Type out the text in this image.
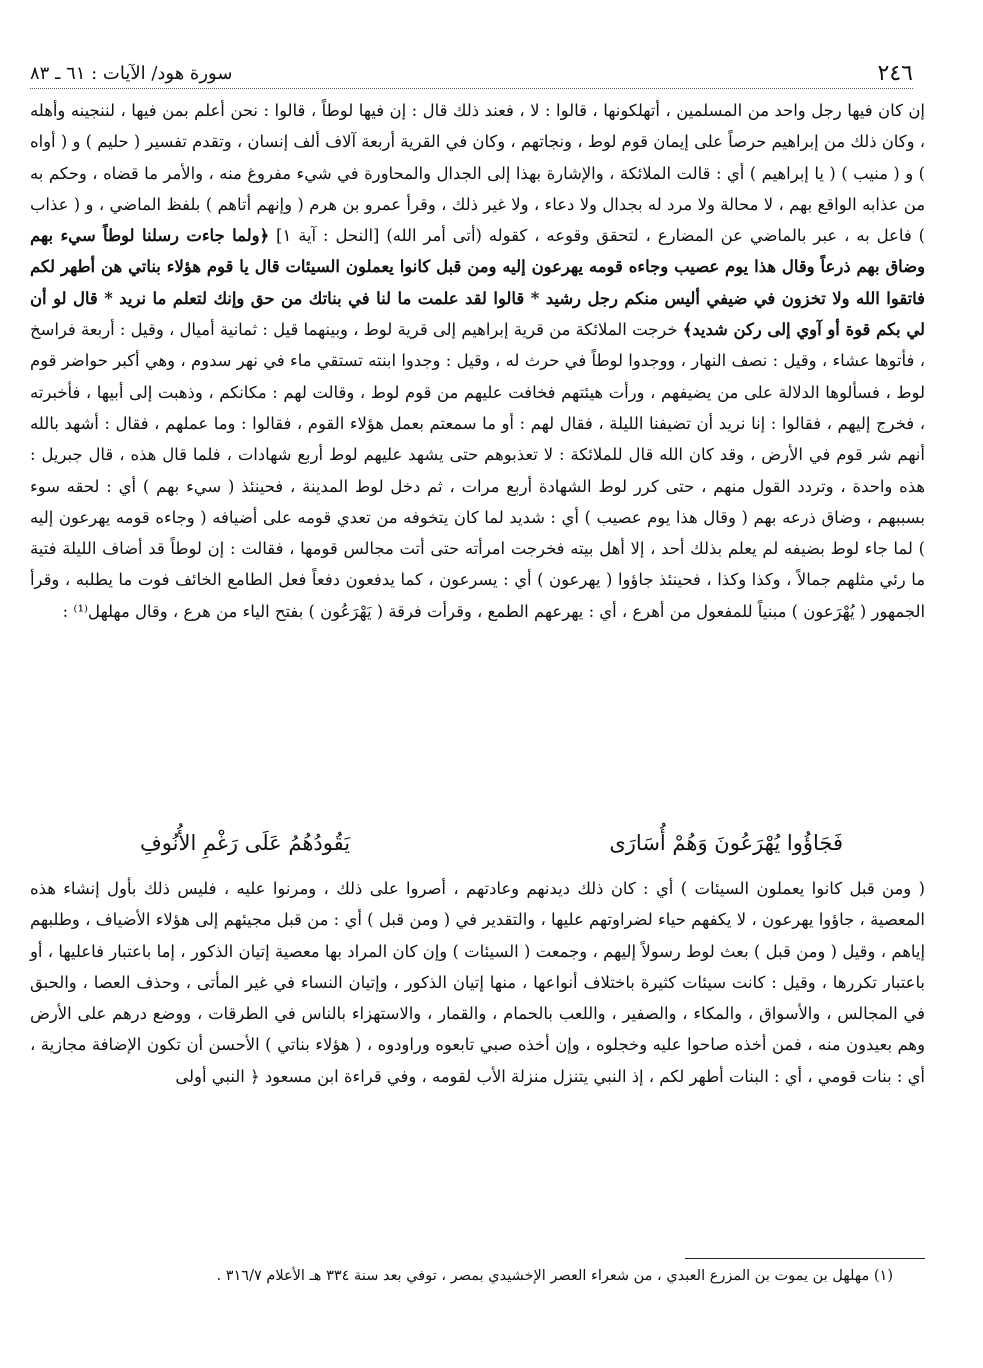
٢٤٦
سورة هود/ الآيات : ٦١ ـ ٨٣

إن كان فيها رجل واحد من المسلمين ، أتهلكونها ، قالوا : لا ، فعند ذلك قال : إن فيها لوطاً ، قالوا : نحن أعلم بمن فيها ، لننجينه وأهله ، وكان ذلك من إبراهيم حرصاً على إيمان قوم لوط ، ونجاتهم ، وكان في القرية أربعة آلاف ألف إنسان ، وتقدم تفسير ( حليم ) و ( أواه ) و ( منيب ) ( يا إبراهيم ) أي : قالت الملائكة ، والإشارة بهذا إلى الجدال والمحاورة في شيء مفروغ منه ، والأمر ما قضاه ، وحكم به من عذابه الواقع بهم ، لا محالة ولا مرد له بجدال ولا دعاء ، ولا غير ذلك ، وقرأ عمرو بن هرم ( وإنهم أتاهم ) بلفظ الماضي ، و ( عذاب ) فاعل به ، عبر بالماضي عن المضارع ، لتحقق وقوعه ، كقوله (أتى أمر الله) [النحل : آية ١] ﴿ولما جاءت رسلنا لوطاً سيء بهم وضاق بهم ذرعاً وقال هذا يوم عصيب وجاءه قومه يهرعون إليه ومن قبل كانوا يعملون السيئات قال يا قوم هؤلاء بناتي هن أطهر لكم فاتقوا الله ولا تخزون في ضيفي أليس منكم رجل رشيد * قالوا لقد علمت ما لنا في بناتك من حق وإنك لتعلم ما نريد * قال لو أن لي بكم قوة أو آوي إلى ركن شديد﴾ خرجت الملائكة من قرية إبراهيم إلى قرية لوط ، وبينهما قيل : ثمانية أميال ، وقيل : أربعة فراسخ ، فأتوها عشاء ، وقيل : نصف النهار ، ووجدوا لوطاً في حرث له ، وقيل : وجدوا ابنته تستقي ماء في نهر سدوم ، وهي أكبر حواضر قوم لوط ، فسألوها الدلالة على من يضيفهم ، ورأت هيئتهم فخافت عليهم من قوم لوط ، وقالت لهم : مكانكم ، وذهبت إلى أبيها ، فأخبرته ، فخرج إليهم ، فقالوا : إنا نريد أن تضيفنا الليلة ، فقال لهم : أو ما سمعتم بعمل هؤلاء القوم ، فقالوا : وما عملهم ، فقال : أشهد بالله أنهم شر قوم في الأرض ، وقد كان الله قال للملائكة : لا تعذبوهم حتى يشهد عليهم لوط أربع شهادات ، فلما قال هذه ، قال جبريل : هذه واحدة ، وتردد القول منهم ، حتى كرر لوط الشهادة أربع مرات ، ثم دخل لوط المدينة ، فحينئذ ( سيء بهم ) أي : لحقه سوء بسببهم ، وضاق ذرعه بهم ( وقال هذا يوم عصيب ) أي : شديد لما كان يتخوفه من تعدي قومه على أضيافه ( وجاءه قومه يهرعون إليه ) لما جاء لوط بضيفه لم يعلم بذلك أحد ، إلا أهل بيته فخرجت امرأته حتى أتت مجالس قومها ، فقالت : إن لوطاً قد أضاف الليلة فتية ما رئي مثلهم جمالاً ، وكذا وكذا ، فحينئذ جاؤوا ( يهرعون ) أي : يسرعون ، كما يدفعون دفعاً فعل الطامع الخائف فوت ما يطلبه ، وقرأ الجمهور ( يُهْرَعون ) مبنياً للمفعول من أهرع ، أي : يهرعهم الطمع ، وقرأت فرقة ( يَهْرَعُون ) بفتح الياء من هرع ، وقال مهلهل⁽¹⁾ :

فَجَاؤُوا يُهْرَعُونَ وَهُمْ أُسَارَى
يَقُودُهُمُ عَلَى رَغْمِ الأُنُوفِ

( ومن قبل كانوا يعملون السيئات ) أي : كان ذلك ديدنهم وعادتهم ، أصروا على ذلك ، ومرنوا عليه ، فليس ذلك بأول إنشاء هذه المعصية ، جاؤوا يهرعون ، لا يكفهم حياء لضراوتهم عليها ، والتقدير في ( ومن قبل ) أي : من قبل مجيئهم إلى هؤلاء الأضياف ، وطلبهم إياهم ، وقيل ( ومن قبل ) بعث لوط رسولاً إليهم ، وجمعت ( السيئات ) وإن كان المراد بها معصية إتيان الذكور ، إما باعتبار فاعليها ، أو باعتبار تكررها ، وقيل : كانت سيئات كثيرة باختلاف أنواعها ، منها إتيان الذكور ، وإتيان النساء في غير المأتى ، وحذف العصا ، والحبق في المجالس ، والأسواق ، والمكاء ، والصفير ، واللعب بالحمام ، والقمار ، والاستهزاء بالناس في الطرقات ، ووضع درهم على الأرض وهم بعيدون منه ، فمن أخذه صاحوا عليه وخجلوه ، وإن أخذه صبي تابعوه وراودوه ، ( هؤلاء بناتي ) الأحسن أن تكون الإضافة مجازية ، أي : بنات قومي ، أي : البنات أطهر لكم ، إذ النبي يتنزل منزلة الأب لقومه ، وفي قراءة ابن مسعود ﴿ النبي أولى

(١) مهلهل بن يموت بن المزرع العبدي ، من شعراء العصر الإخشيدي بمصر ، توفي بعد سنة ٣٣٤ هـ الأعلام ٣١٦/٧ .
